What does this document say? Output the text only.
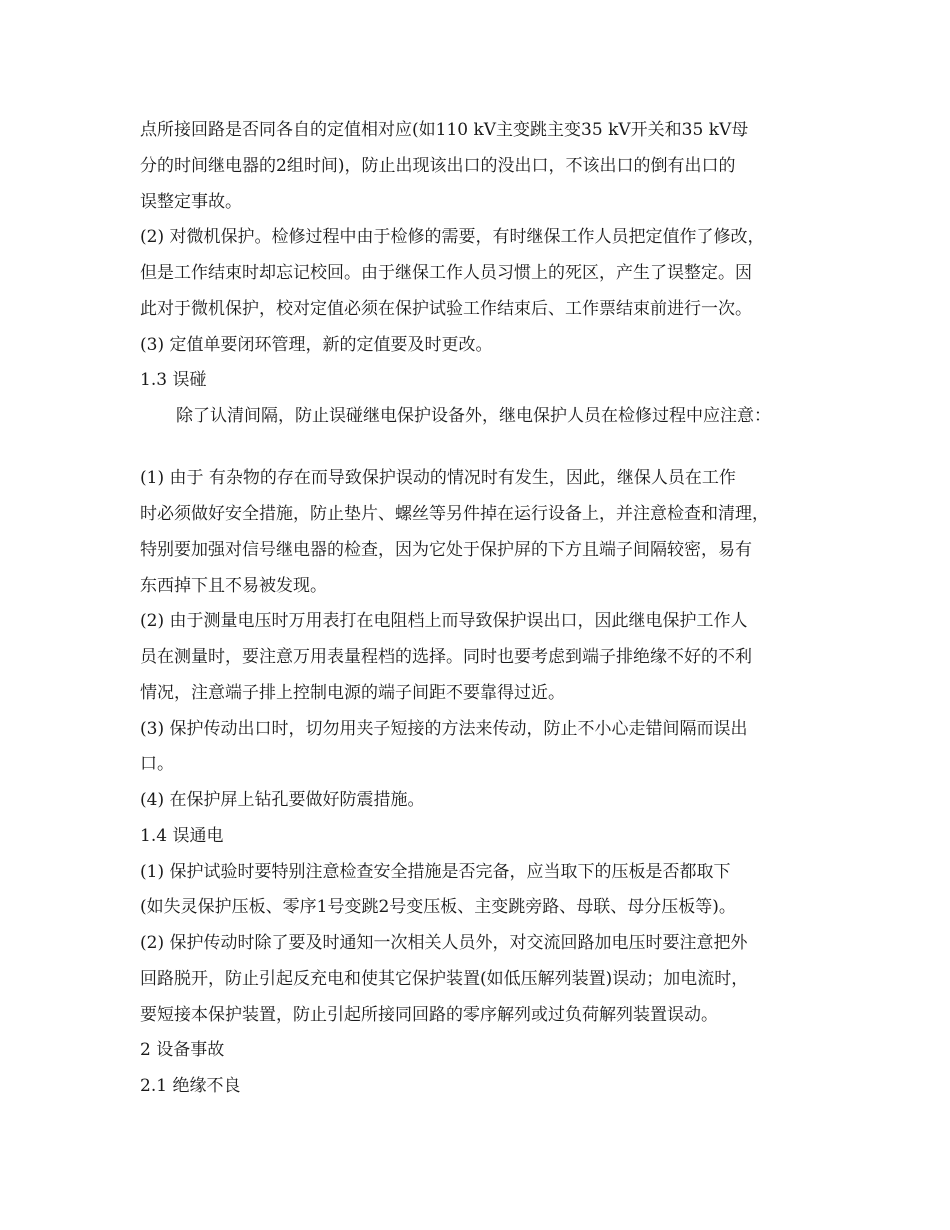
点所接回路是否同各自的定值相对应(如110 kV主变跳主变35 kV开关和35 kV母

分的时间继电器的2组时间)，防止出现该出口的没出口，不该出口的倒有出口的

误整定事故。

(2) 对微机保护。检修过程中由于检修的需要，有时继保工作人员把定值作了修改，

但是工作结束时却忘记校回。由于继保工作人员习惯上的死区，产生了误整定。因

此对于微机保护，校对定值必须在保护试验工作结束后、工作票结束前进行一次。

(3) 定值单要闭环管理，新的定值要及时更改。

1.3 误碰

除了认清间隔，防止误碰继电保护设备外，继电保护人员在检修过程中应注意：

(1) 由于 有杂物的存在而导致保护误动的情况时有发生，因此，继保人员在工作

时必须做好安全措施，防止垫片、螺丝等另件掉在运行设备上，并注意检查和清理，

特别要加强对信号继电器的检查，因为它处于保护屏的下方且端子间隔较密，易有

东西掉下且不易被发现。

(2) 由于测量电压时万用表打在电阻档上而导致保护误出口，因此继电保护工作人

员在测量时，要注意万用表量程档的选择。同时也要考虑到端子排绝缘不好的不利

情况，注意端子排上控制电源的端子间距不要靠得过近。

(3) 保护传动出口时，切勿用夹子短接的方法来传动，防止不小心走错间隔而误出

口。

(4) 在保护屏上钻孔要做好防震措施。

1.4 误通电

(1) 保护试验时要特别注意检查安全措施是否完备，应当取下的压板是否都取下

(如失灵保护压板、零序1号变跳2号变压板、主变跳旁路、母联、母分压板等)。

(2) 保护传动时除了要及时通知一次相关人员外，对交流回路加电压时要注意把外

回路脱开，防止引起反充电和使其它保护装置(如低压解列装置)误动；加电流时，

要短接本保护装置，防止引起所接同回路的零序解列或过负荷解列装置误动。

2 设备事故

2.1 绝缘不良
